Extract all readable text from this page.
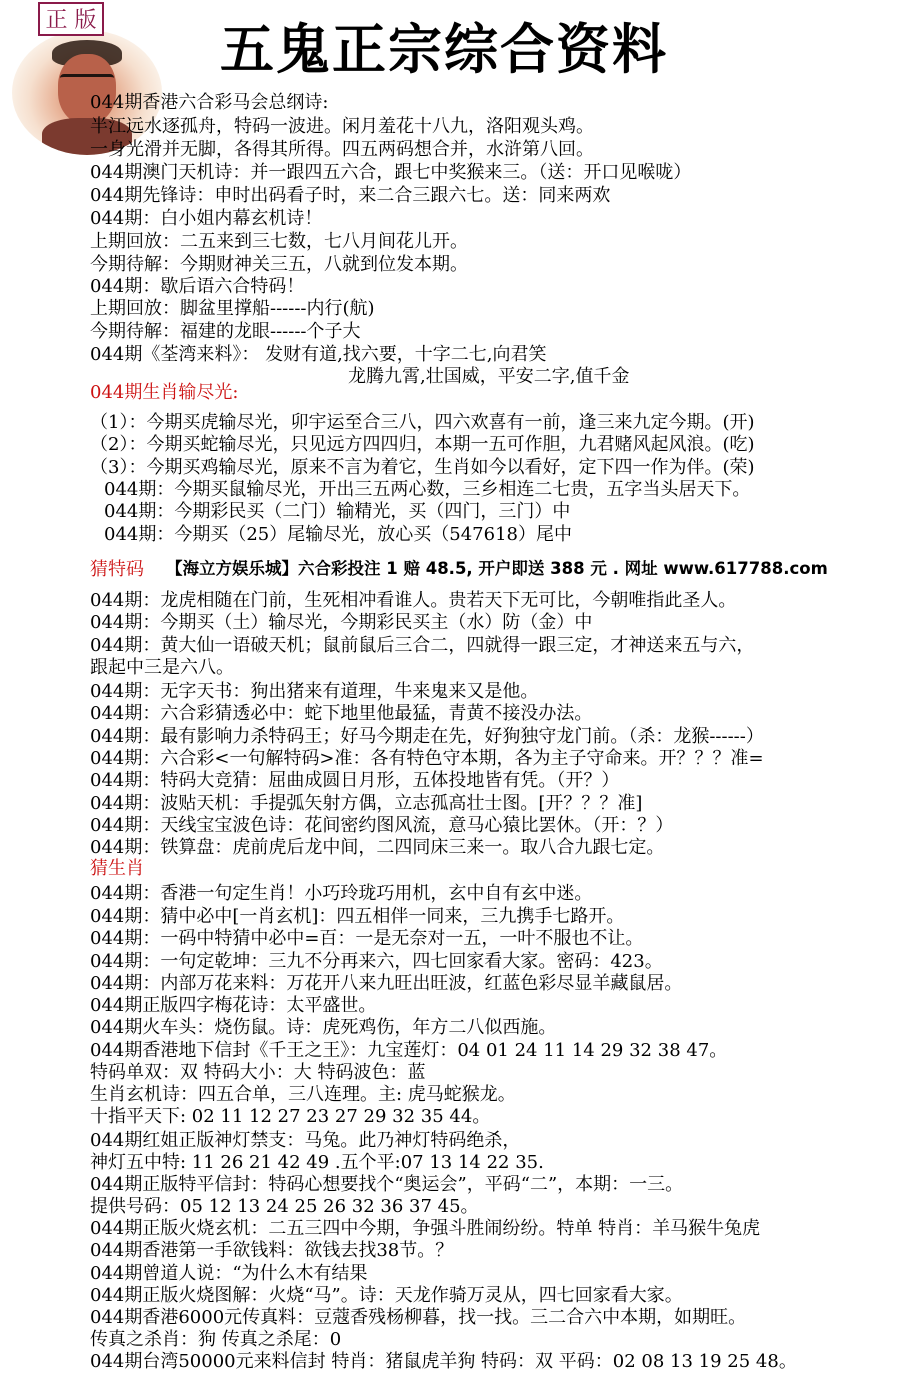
正 版 五鬼正宗综合资料
044期香港六合彩马会总纲诗:
半江远水逐孤舟，特码一波进。闲月羞花十八九，洛阳观头鸡。
一身光滑并无脚，各得其所得。四五两码想合并，水浒第八回。
044期澳门天机诗：并一跟四五六合，跟七中奖猴来三。（送：开口见喉咙）
044期先锋诗：申时出码看子时，来二合三跟六七。送：同来两欢
044期：白小姐内幕玄机诗！
上期回放：二五来到三七数，七八月间花儿开。
今期待解：今期财神关三五，八就到位发本期。
044期：歇后语六合特码！
上期回放：脚盆里撑船------内行(航)
今期待解：福建的龙眼------个子大
044期《荃湾来料》： 发财有道,找六要，十字二七,向君笑
龙腾九霄,壮国威，平安二字,值千金
044期生肖输尽光:
（1）：今期买虎输尽光，卯宇运至合三八，四六欢喜有一前，逢三来九定今期。(开)
（2）：今期买蛇输尽光，只见远方四四归，本期一五可作胆，九君赌风起风浪。(吃)
（3）：今期买鸡输尽光，原来不言为着它，生肖如今以看好，定下四一作为伴。(荣)
044期：今期买鼠输尽光，开出三五两心数，三乡相连二七贵，五字当头居天下。
044期：今期彩民买（二门）输精光，买（四门，三门）中
044期：今期买（25）尾输尽光，放心买（547618）尾中
猜特码
044期：龙虎相随在门前，生死相冲看谁人。贵若天下无可比，今朝唯指此圣人。
044期：今期买（土）输尽光，今期彩民买主（水）防（金）中
044期：黄大仙一语破天机；鼠前鼠后三合二，四就得一跟三定，才神送来五与六，
跟起中三是六八。
044期：无字天书：狗出猪来有道理，牛来鬼来又是他。
044期：六合彩猜透必中：蛇下地里他最猛，青黄不接没办法。
044期：最有影响力杀特码王；好马今期走在先，好狗独守龙门前。（杀：龙猴------）
044期：六合彩<一句解特码>准：各有特色守本期，各为主子守命来。开？？？准=
044期：特码大竞猜：屈曲成圆日月形，五体投地皆有凭。（开？）
044期：波贴天机：手提弧矢射方偶，立志孤高壮士图。[开？？？准]
044期：天线宝宝波色诗：花间密约图风流，意马心猿比罢休。（开：？）
044期：铁算盘：虎前虎后龙中间，二四同床三来一。取八合九跟七定。
猜生肖
044期：香港一句定生肖！小巧玲珑巧用机，玄中自有玄中迷。
044期：猜中必中[一肖玄机]：四五相伴一同来，三九携手七路开。
044期：一码中特猜中必中=百：一是无奈对一五，一叶不服也不让。
044期：一句定乾坤：三九不分再来六，四七回家看大家。密码：423。
044期：内部万花来料：万花开八来九旺出旺波，红蓝色彩尽显羊藏鼠居。
044期正版四字梅花诗：太平盛世。
044期火车头：烧伤鼠。诗：虎死鸡伤，年方二八似西施。
044期香港地下信封《千王之王》：九宝莲灯：04 01 24 11 14 29 32 38 47。
特码单双：双 特码大小：大 特码波色：蓝
生肖玄机诗：四五合单，三八连理。主: 虎马蛇猴龙。
十指平天下: 02 11 12 27 23 27 29 32 35 44。
044期红姐正版神灯禁支：马兔。此乃神灯特码绝杀，
神灯五中特: 11 26 21 42 49 .五个平:07 13 14 22 35.
044期正版特平信封：特码心想要找个“奥运会”，平码“二”，本期：一三。
提供号码：05 12 13 24 25 26 32 36 37 45。
044期正版火烧玄机：二五三四中今期，争强斗胜闹纷纷。特单 特肖：羊马猴牛兔虎
044期香港第一手欲钱料：欲钱去找38节。？
044期曾道人说：“为什么木有结果
044期正版火烧图解：火烧“马”。诗：天龙作骑万灵从，四七回家看大家。
044期香港6000元传真料：豆蔻香残杨柳暮，找一找。三二合六中本期，如期旺。
传真之杀肖：狗 传真之杀尾：0
044期台湾50000元来料信封 特肖：猪鼠虎羊狗 特码：双 平码：02 08 13 19 25 48。
【海立方娱乐城】六合彩投注 1 赔 48.5, 开户即送 388 元 . 网址 www.617788.com
